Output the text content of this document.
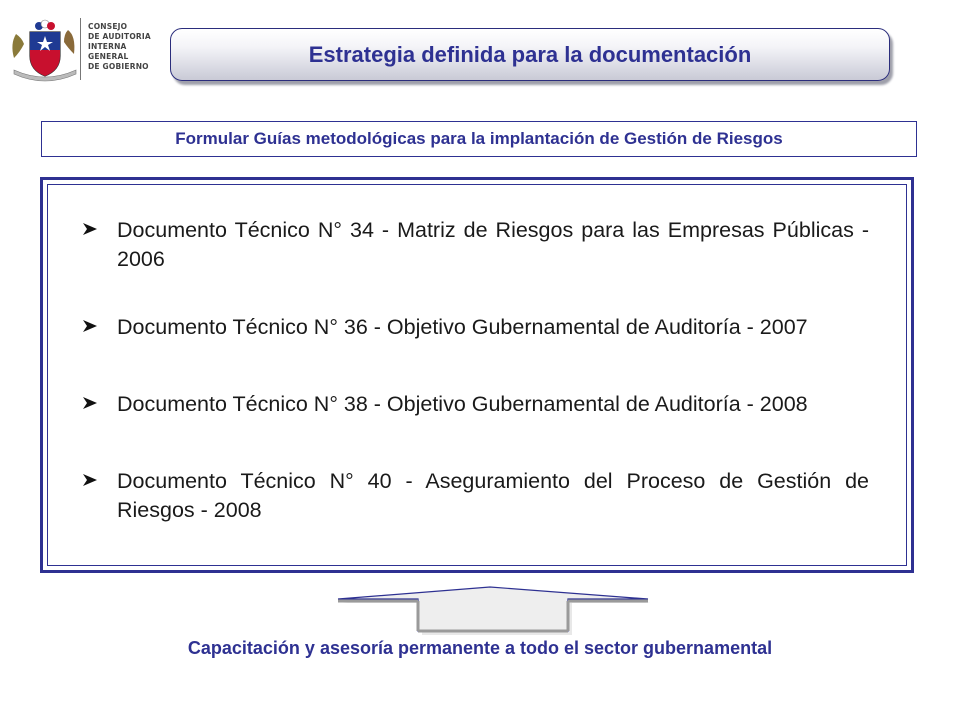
CONSEJO
DE AUDITORIA
INTERNA
GENERAL
DE GOBIERNO	Estrategia definida para la documentación
Formular Guías metodológicas para la implantación de Gestión de Riesgos
Documento Técnico N° 34 - Matriz de Riesgos para las Empresas Públicas - 2006
Documento Técnico N° 36 - Objetivo Gubernamental de Auditoría - 2007
Documento Técnico N° 38 - Objetivo Gubernamental de Auditoría - 2008
Documento Técnico N° 40 - Aseguramiento del Proceso de Gestión de Riesgos - 2008
Capacitación y asesoría permanente a todo el sector gubernamental
